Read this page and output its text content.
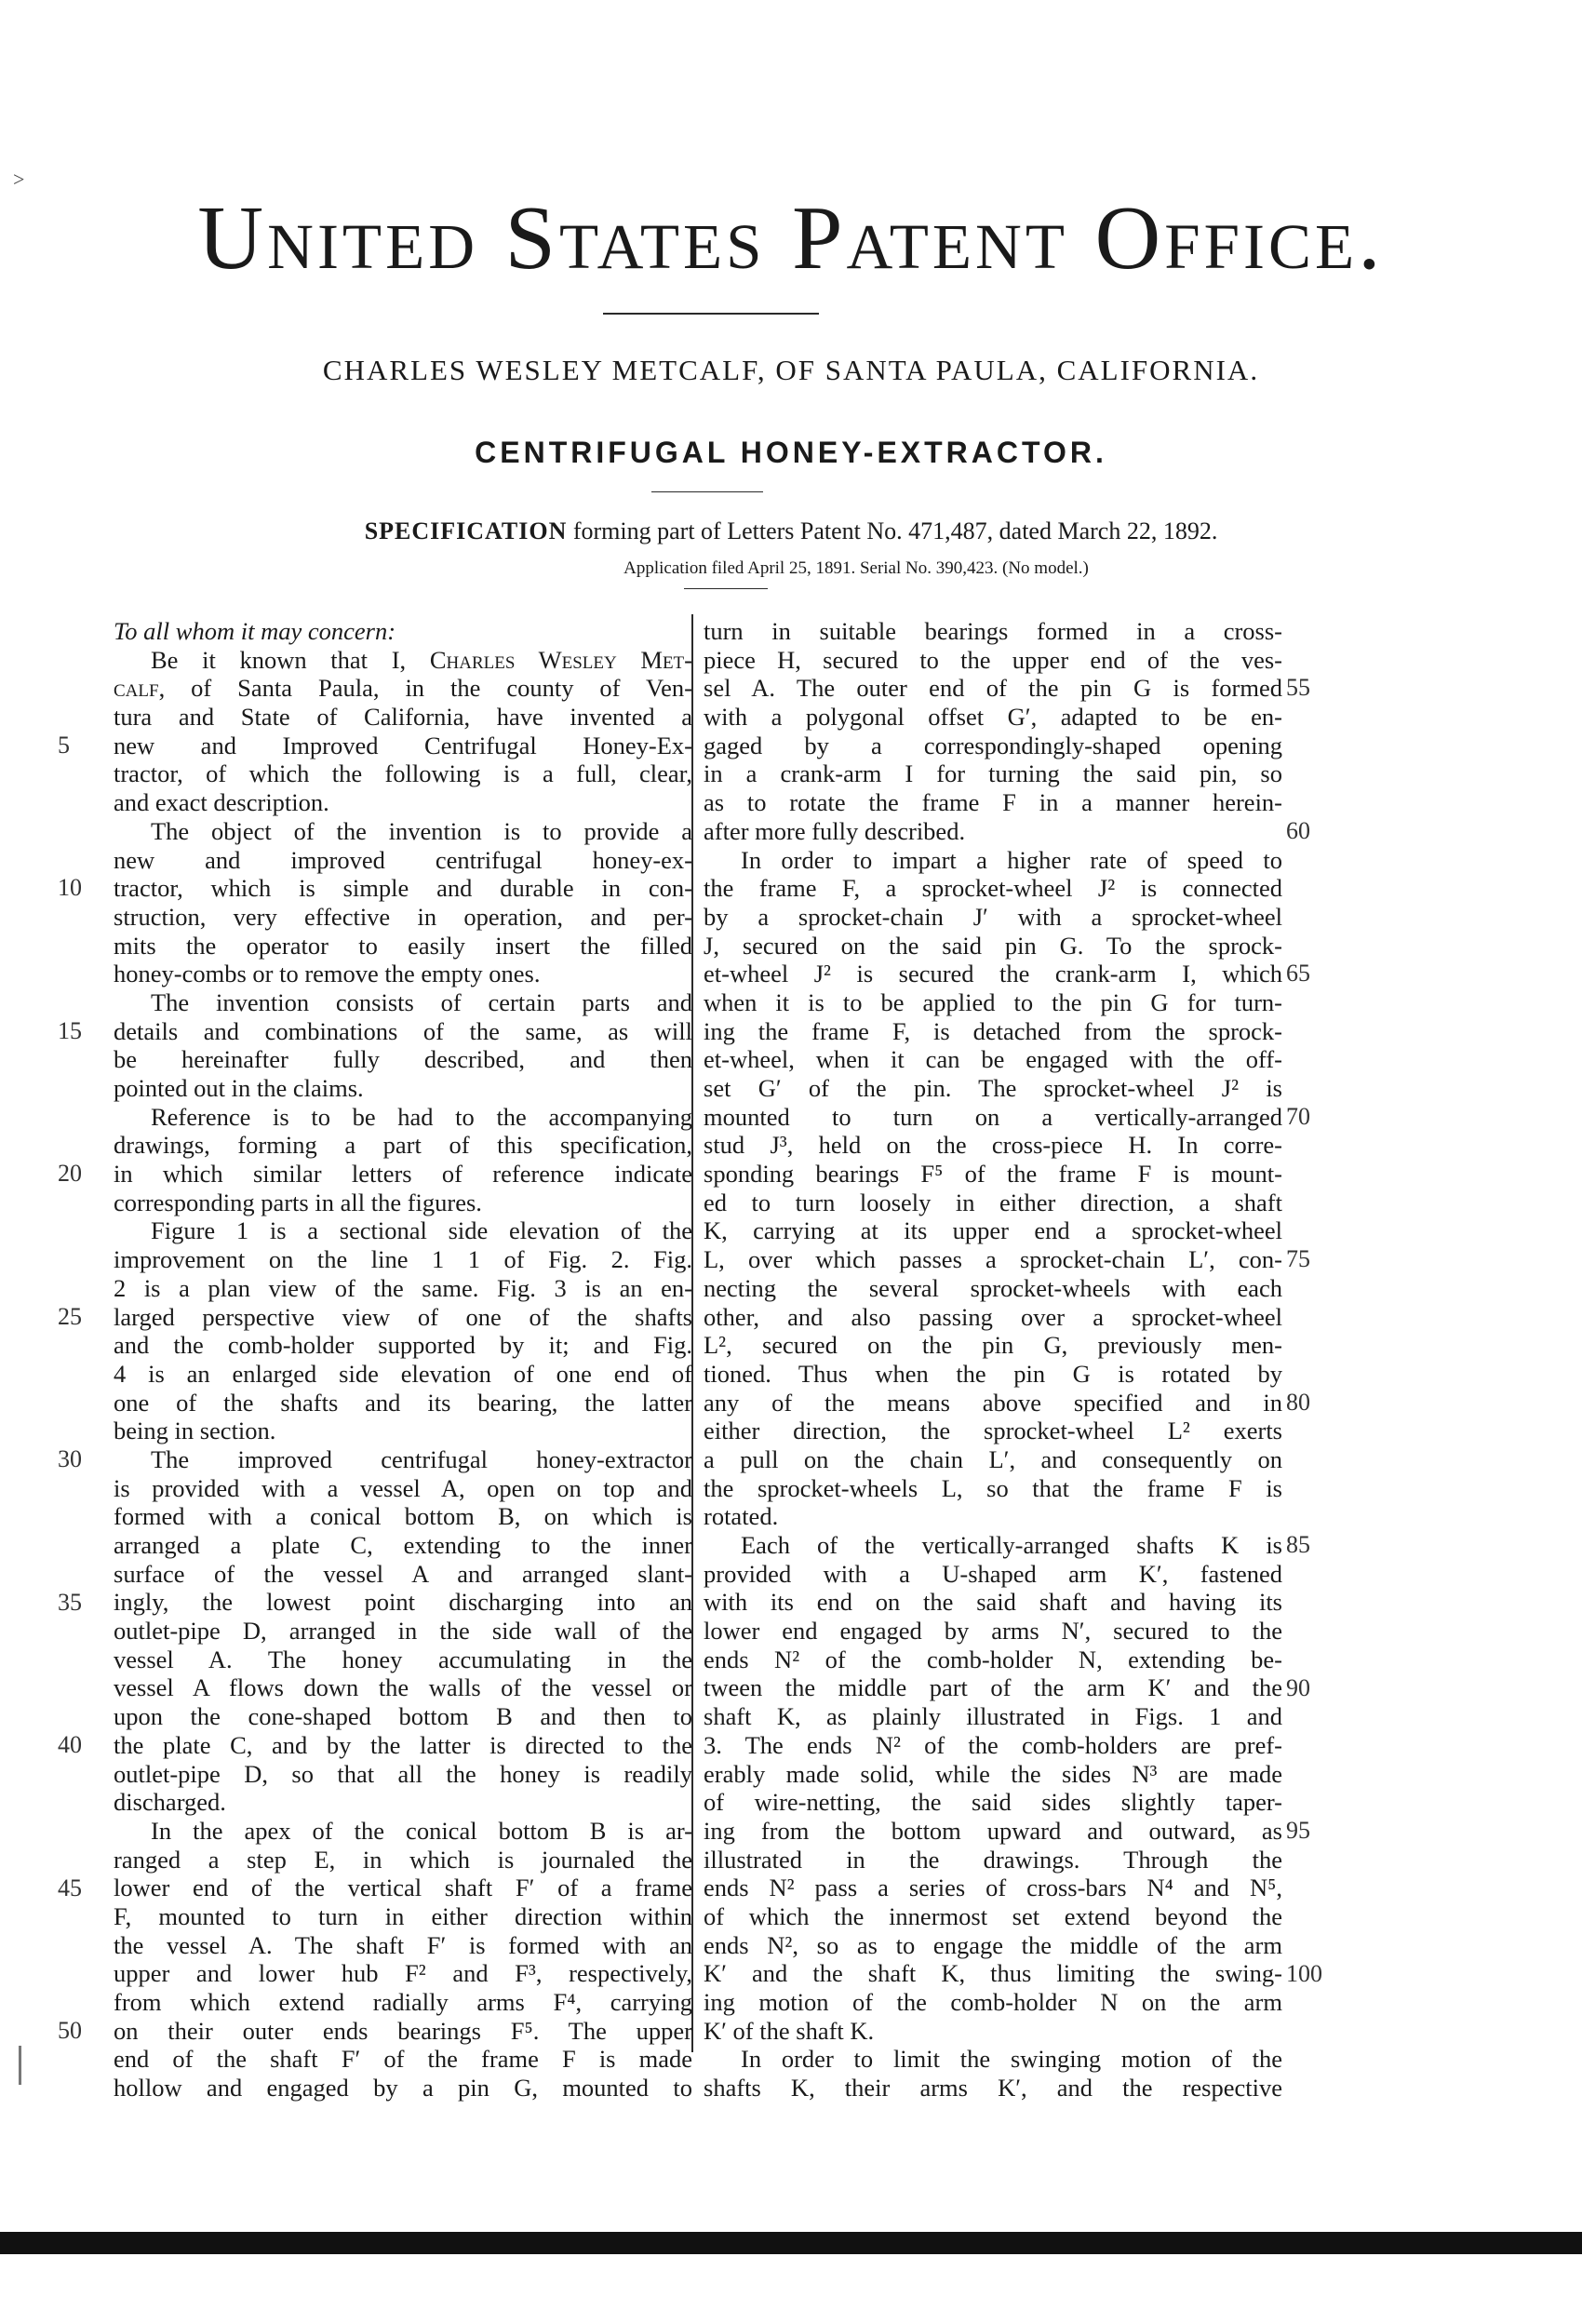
˃
United States Patent Office.
CHARLES WESLEY METCALF, OF SANTA PAULA, CALIFORNIA.
CENTRIFUGAL HONEY-EXTRACTOR.
SPECIFICATION forming part of Letters Patent No. 471,487, dated March 22, 1892.
Application filed April 25, 1891. Serial No. 390,423. (No model.)
To all whom it may concern:
Be it known that I, Charles Wesley Met-
calf, of Santa Paula, in the county of Ven-
tura and State of California, have invented a
new and Improved Centrifugal Honey-Ex-
tractor, of which the following is a full, clear,
and exact description.
The object of the invention is to provide a
new and improved centrifugal honey-ex-
tractor, which is simple and durable in con-
struction, very effective in operation, and per-
mits the operator to easily insert the filled
honey-combs or to remove the empty ones.
The invention consists of certain parts and
details and combinations of the same, as will
be hereinafter fully described, and then
pointed out in the claims.
Reference is to be had to the accompanying
drawings, forming a part of this specification,
in which similar letters of reference indicate
corresponding parts in all the figures.
Figure 1 is a sectional side elevation of the
improvement on the line 1 1 of Fig. 2. Fig.
2 is a plan view of the same. Fig. 3 is an en-
larged perspective view of one of the shafts
and the comb-holder supported by it; and Fig.
4 is an enlarged side elevation of one end of
one of the shafts and its bearing, the latter
being in section.
The improved centrifugal honey-extractor
is provided with a vessel A, open on top and
formed with a conical bottom B, on which is
arranged a plate C, extending to the inner
surface of the vessel A and arranged slant-
ingly, the lowest point discharging into an
outlet-pipe D, arranged in the side wall of the
vessel A. The honey accumulating in the
vessel A flows down the walls of the vessel or
upon the cone-shaped bottom B and then to
the plate C, and by the latter is directed to the
outlet-pipe D, so that all the honey is readily
discharged.
In the apex of the conical bottom B is ar-
ranged a step E, in which is journaled the
lower end of the vertical shaft F′ of a frame
F, mounted to turn in either direction within
the vessel A. The shaft F′ is formed with an
upper and lower hub F² and F³, respectively,
from which extend radially arms F⁴, carrying
on their outer ends bearings F⁵. The upper
end of the shaft F′ of the frame F is made
hollow and engaged by a pin G, mounted to
turn in suitable bearings formed in a cross-
piece H, secured to the upper end of the ves-
sel A. The outer end of the pin G is formed
with a polygonal offset G′, adapted to be en-
gaged by a correspondingly-shaped opening
in a crank-arm I for turning the said pin, so
as to rotate the frame F in a manner herein-
after more fully described.
In order to impart a higher rate of speed to
the frame F, a sprocket-wheel J² is connected
by a sprocket-chain J′ with a sprocket-wheel
J, secured on the said pin G. To the sprock-
et-wheel J² is secured the crank-arm I, which
when it is to be applied to the pin G for turn-
ing the frame F, is detached from the sprock-
et-wheel, when it can be engaged with the off-
set G′ of the pin. The sprocket-wheel J² is
mounted to turn on a vertically-arranged
stud J³, held on the cross-piece H. In corre-
sponding bearings F⁵ of the frame F is mount-
ed to turn loosely in either direction, a shaft
K, carrying at its upper end a sprocket-wheel
L, over which passes a sprocket-chain L′, con-
necting the several sprocket-wheels with each
other, and also passing over a sprocket-wheel
L², secured on the pin G, previously men-
tioned. Thus when the pin G is rotated by
any of the means above specified and in
either direction, the sprocket-wheel L² exerts
a pull on the chain L′, and consequently on
the sprocket-wheels L, so that the frame F is
rotated.
Each of the vertically-arranged shafts K is
provided with a U-shaped arm K′, fastened
with its end on the said shaft and having its
lower end engaged by arms N′, secured to the
ends N² of the comb-holder N, extending be-
tween the middle part of the arm K′ and the
shaft K, as plainly illustrated in Figs. 1 and
3. The ends N² of the comb-holders are pref-
erably made solid, while the sides N³ are made
of wire-netting, the said sides slightly taper-
ing from the bottom upward and outward, as
illustrated in the drawings. Through the
ends N² pass a series of cross-bars N⁴ and N⁵,
of which the innermost set extend beyond the
ends N², so as to engage the middle of the arm
K′ and the shaft K, thus limiting the swing-
ing motion of the comb-holder N on the arm
K′ of the shaft K.
In order to limit the swinging motion of the
shafts K, their arms K′, and the respective
5
10
15
20
25
30
35
40
45
50
55
60
65
70
75
80
85
90
95
100
